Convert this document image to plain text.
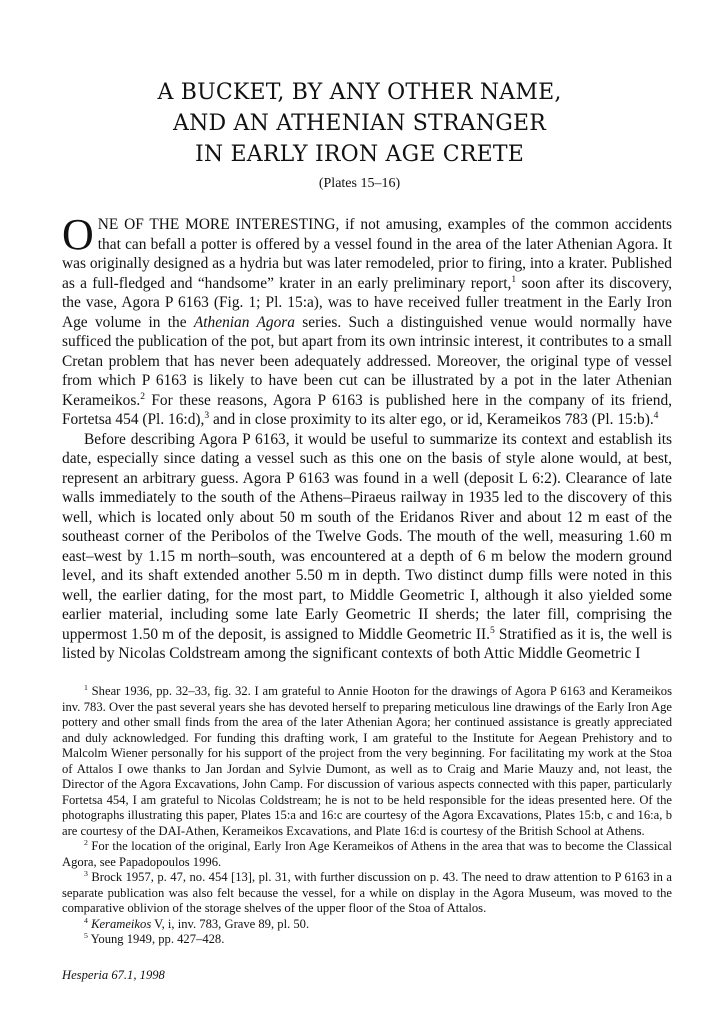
A BUCKET, BY ANY OTHER NAME,
AND AN ATHENIAN STRANGER
IN EARLY IRON AGE CRETE
(Plates 15–16)

ONE OF THE MORE INTERESTING, if not amusing, examples of the common accidents that can befall a potter is offered by a vessel found in the area of the later Athenian Agora. It was originally designed as a hydria but was later remodeled, prior to firing, into a krater. Published as a full-fledged and “handsome” krater in an early preliminary report,$^1$ soon after its discovery, the vase, Agora P 6163 (Fig. 1; Pl. 15:a), was to have received fuller treatment in the Early Iron Age volume in the Athenian Agora series. Such a distinguished venue would normally have sufficed the publication of the pot, but apart from its own intrinsic interest, it contributes to a small Cretan problem that has never been adequately addressed. Moreover, the original type of vessel from which P 6163 is likely to have been cut can be illustrated by a pot in the later Athenian Kerameikos.$^2$ For these reasons, Agora P 6163 is published here in the company of its friend, Fortetsa 454 (Pl. 16:d),$^3$ and in close proximity to its alter ego, or id, Kerameikos 783 (Pl. 15:b).$^4$

Before describing Agora P 6163, it would be useful to summarize its context and establish its date, especially since dating a vessel such as this one on the basis of style alone would, at best, represent an arbitrary guess. Agora P 6163 was found in a well (deposit L 6:2). Clearance of late walls immediately to the south of the Athens–Piraeus railway in 1935 led to the discovery of this well, which is located only about 50 m south of the Eridanos River and about 12 m east of the southeast corner of the Peribolos of the Twelve Gods. The mouth of the well, measuring 1.60 m east–west by 1.15 m north–south, was encountered at a depth of 6 m below the modern ground level, and its shaft extended another 5.50 m in depth. Two distinct dump fills were noted in this well, the earlier dating, for the most part, to Middle Geometric I, although it also yielded some earlier material, including some late Early Geometric II sherds; the later fill, comprising the uppermost 1.50 m of the deposit, is assigned to Middle Geometric II.$^5$ Stratified as it is, the well is listed by Nicolas Coldstream among the significant contexts of both Attic Middle Geometric I

$^1$ Shear 1936, pp. 32–33, fig. 32. I am grateful to Annie Hooton for the drawings of Agora P 6163 and Kerameikos inv. 783. Over the past several years she has devoted herself to preparing meticulous line drawings of the Early Iron Age pottery and other small finds from the area of the later Athenian Agora; her continued assistance is greatly appreciated and duly acknowledged. For funding this drafting work, I am grateful to the Institute for Aegean Prehistory and to Malcolm Wiener personally for his support of the project from the very beginning. For facilitating my work at the Stoa of Attalos I owe thanks to Jan Jordan and Sylvie Dumont, as well as to Craig and Marie Mauzy and, not least, the Director of the Agora Excavations, John Camp. For discussion of various aspects connected with this paper, particularly Fortetsa 454, I am grateful to Nicolas Coldstream; he is not to be held responsible for the ideas presented here. Of the photographs illustrating this paper, Plates 15:a and 16:c are courtesy of the Agora Excavations, Plates 15:b, c and 16:a, b are courtesy of the DAI-Athen, Kerameikos Excavations, and Plate 16:d is courtesy of the British School at Athens.

$^2$ For the location of the original, Early Iron Age Kerameikos of Athens in the area that was to become the Classical Agora, see Papadopoulos 1996.

$^3$ Brock 1957, p. 47, no. 454 [13], pl. 31, with further discussion on p. 43. The need to draw attention to P 6163 in a separate publication was also felt because the vessel, for a while on display in the Agora Museum, was moved to the comparative oblivion of the storage shelves of the upper floor of the Stoa of Attalos.

$^4$ Kerameikos V, i, inv. 783, Grave 89, pl. 50.

$^5$ Young 1949, pp. 427–428.

Hesperia 67.1, 1998
